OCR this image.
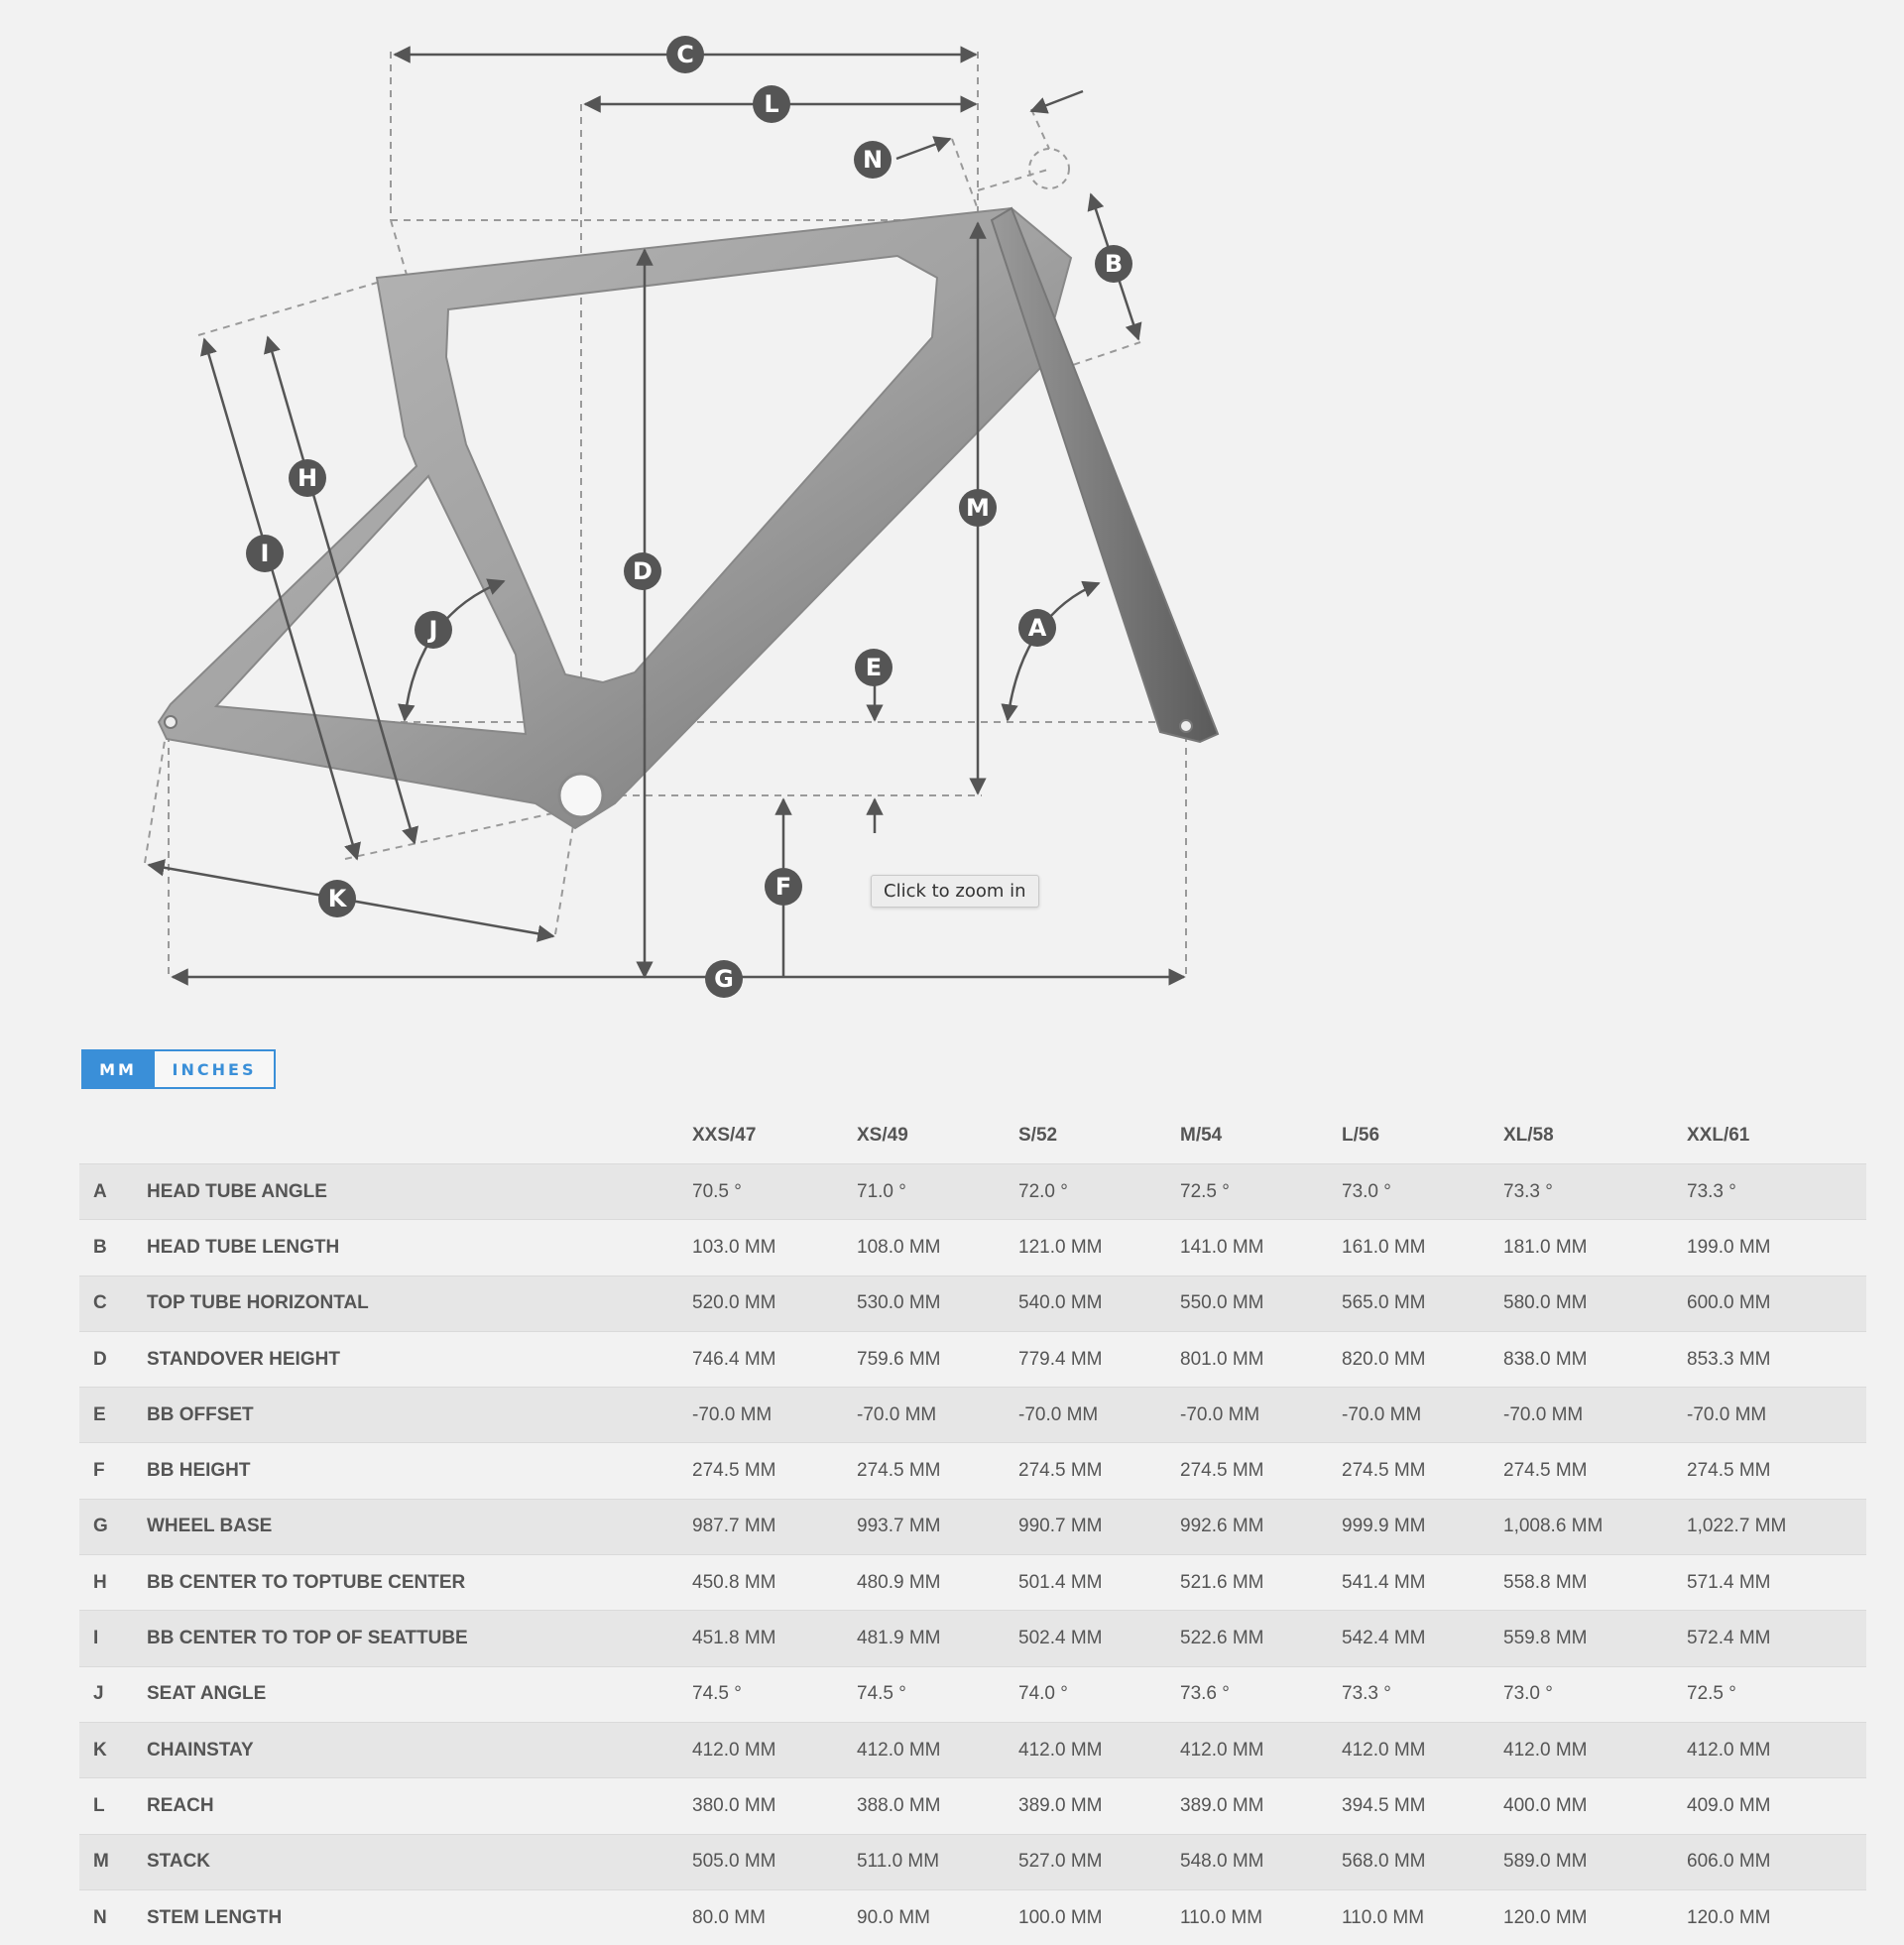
C
L
N
B
H
M
I
D
J	A
E
F
K
G
Click to zoom in
MM	INCHES
		XXS/47	XS/49	S/52	M/54	L/56	XL/58	XXL/61
A	HEAD TUBE ANGLE	70.5 °	71.0 °	72.0 °	72.5 °	73.0 °	73.3 °	73.3 °
B	HEAD TUBE LENGTH	103.0 MM	108.0 MM	121.0 MM	141.0 MM	161.0 MM	181.0 MM	199.0 MM
C	TOP TUBE HORIZONTAL	520.0 MM	530.0 MM	540.0 MM	550.0 MM	565.0 MM	580.0 MM	600.0 MM
D	STANDOVER HEIGHT	746.4 MM	759.6 MM	779.4 MM	801.0 MM	820.0 MM	838.0 MM	853.3 MM
E	BB OFFSET	-70.0 MM	-70.0 MM	-70.0 MM	-70.0 MM	-70.0 MM	-70.0 MM	-70.0 MM
F	BB HEIGHT	274.5 MM	274.5 MM	274.5 MM	274.5 MM	274.5 MM	274.5 MM	274.5 MM
G	WHEEL BASE	987.7 MM	993.7 MM	990.7 MM	992.6 MM	999.9 MM	1,008.6 MM	1,022.7 MM
H	BB CENTER TO TOPTUBE CENTER	450.8 MM	480.9 MM	501.4 MM	521.6 MM	541.4 MM	558.8 MM	571.4 MM
I	BB CENTER TO TOP OF SEATTUBE	451.8 MM	481.9 MM	502.4 MM	522.6 MM	542.4 MM	559.8 MM	572.4 MM
J	SEAT ANGLE	74.5 °	74.5 °	74.0 °	73.6 °	73.3 °	73.0 °	72.5 °
K	CHAINSTAY	412.0 MM	412.0 MM	412.0 MM	412.0 MM	412.0 MM	412.0 MM	412.0 MM
L	REACH	380.0 MM	388.0 MM	389.0 MM	389.0 MM	394.5 MM	400.0 MM	409.0 MM
M	STACK	505.0 MM	511.0 MM	527.0 MM	548.0 MM	568.0 MM	589.0 MM	606.0 MM
N	STEM LENGTH	80.0 MM	90.0 MM	100.0 MM	110.0 MM	110.0 MM	120.0 MM	120.0 MM
